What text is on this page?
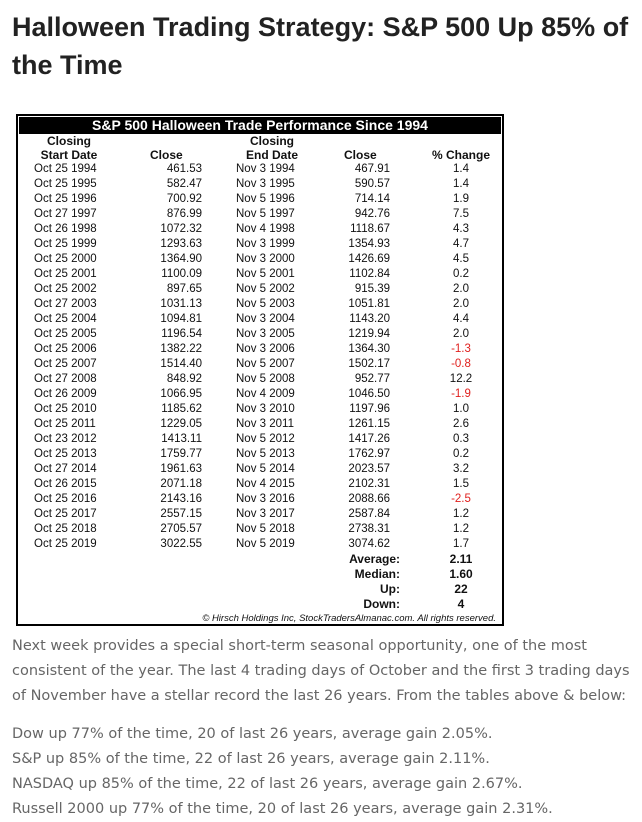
Halloween Trading Strategy: S&P 500 Up 85% of the Time
S&P 500 Halloween Trade Performance Since 1994
Closing	Closing
Start Date	Close	End Date	Close	% Change
Oct 25 1994	461.53	Nov 3 1994	467.91	1.4
Oct 25 1995	582.47	Nov 3 1995	590.57	1.4
Oct 25 1996	700.92	Nov 5 1996	714.14	1.9
Oct 27 1997	876.99	Nov 5 1997	942.76	7.5
Oct 26 1998	1072.32	Nov 4 1998	1118.67	4.3
Oct 25 1999	1293.63	Nov 3 1999	1354.93	4.7
Oct 25 2000	1364.90	Nov 3 2000	1426.69	4.5
Oct 25 2001	1100.09	Nov 5 2001	1102.84	0.2
Oct 25 2002	897.65	Nov 5 2002	915.39	2.0
Oct 27 2003	1031.13	Nov 5 2003	1051.81	2.0
Oct 25 2004	1094.81	Nov 3 2004	1143.20	4.4
Oct 25 2005	1196.54	Nov 3 2005	1219.94	2.0
Oct 25 2006	1382.22	Nov 3 2006	1364.30	-1.3
Oct 25 2007	1514.40	Nov 5 2007	1502.17	-0.8
Oct 27 2008	848.92	Nov 5 2008	952.77	12.2
Oct 26 2009	1066.95	Nov 4 2009	1046.50	-1.9
Oct 25 2010	1185.62	Nov 3 2010	1197.96	1.0
Oct 25 2011	1229.05	Nov 3 2011	1261.15	2.6
Oct 23 2012	1413.11	Nov 5 2012	1417.26	0.3
Oct 25 2013	1759.77	Nov 5 2013	1762.97	0.2
Oct 27 2014	1961.63	Nov 5 2014	2023.57	3.2
Oct 26 2015	2071.18	Nov 4 2015	2102.31	1.5
Oct 25 2016	2143.16	Nov 3 2016	2088.66	-2.5
Oct 25 2017	2557.15	Nov 3 2017	2587.84	1.2
Oct 25 2018	2705.57	Nov 5 2018	2738.31	1.2
Oct 25 2019	3022.55	Nov 5 2019	3074.62	1.7
Average:	2.11
Median:	1.60
Up:	22
Down:	4
© Hirsch Holdings Inc, StockTradersAlmanac.com. All rights reserved.

Next week provides a special short-term seasonal opportunity, one of the most consistent of the year. The last 4 trading days of October and the first 3 trading days of November have a stellar record the last 26 years. From the tables above & below:

Dow up 77% of the time, 20 of last 26 years, average gain 2.05%.
S&P up 85% of the time, 22 of last 26 years, average gain 2.11%.
NASDAQ up 85% of the time, 22 of last 26 years, average gain 2.67%.
Russell 2000 up 77% of the time, 20 of last 26 years, average gain 2.31%.
